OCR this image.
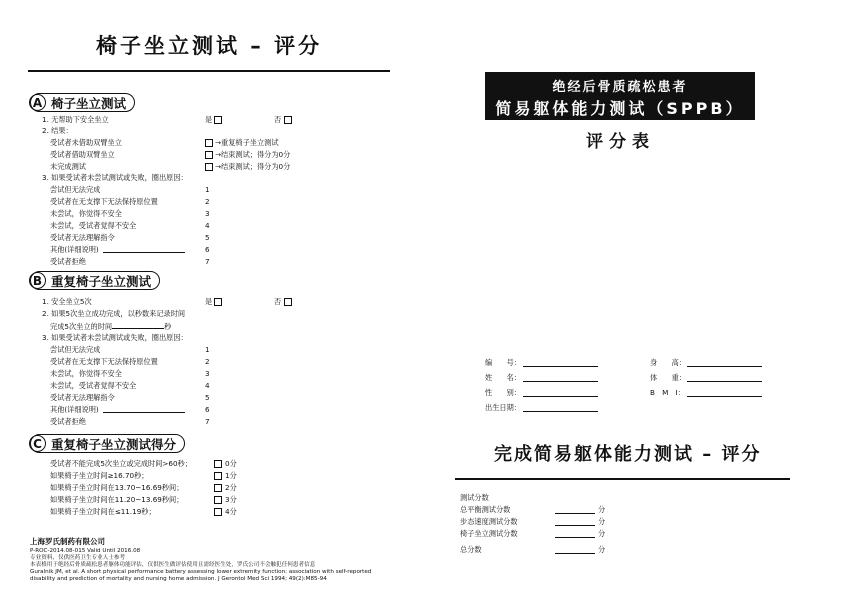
椅子坐立测试 – 评分
A 椅子坐立测试
1. 无帮助下安全坐立	是	否
2. 结果：
受试者未借助双臂坐立	→重复椅子坐立测试
受试者借助双臂坐立	→结束测试；得分为0分
未完成测试	→结束测试；得分为0分
3. 如果受试者未尝试测试或失败，圈出原因：
尝试但无法完成	1
受试者在无支撑下无法保持原位置	2
未尝试，你觉得不安全	3
未尝试，受试者觉得不安全	4
受试者无法理解指令	5
其他(详细说明)	6
受试者拒绝	7
B 重复椅子坐立测试
1. 安全坐立5次	是	否
2. 如果5次坐立成功完成，以秒数来记录时间
完成5次坐立的时间	秒
3. 如果受试者未尝试测试或失败，圈出原因：
尝试但无法完成	1
受试者在无支撑下无法保持原位置	2
未尝试，你觉得不安全	3
未尝试，受试者觉得不安全	4
受试者无法理解指令	5
其他(详细说明)	6
受试者拒绝	7
C 重复椅子坐立测试得分
受试者不能完成5次坐立或完成时间>60秒；	0分
如果椅子坐立时间≥16.70秒；	1分
如果椅子坐立时间在13.70~16.69秒间；	2分
如果椅子坐立时间在11.20~13.69秒间；	3分
如果椅子坐立时间在≤11.19秒；	4分
上海罗氏制药有限公司
P-ROC-2014.08-015 Valid Until 2016.08
专业资料，仅供医药卫生专业人士参考
本表格用于绝经后骨质疏松患者躯体功能评估，仅供医生做评估使用且需经医生处，罗氏公司不会触犯任何患者信息
Guralnik JM, et al. A short physical performance battery assessing lower extremity function: association with self-reported
disability and prediction of mortality and nursing home admission. J Gerontol Med Sci 1994; 49(2):M85-94
绝经后骨质疏松患者
简易躯体能力测试（SPPB）
评分表
编　　号：
姓　　名：
性　　别：
出生日期：
身　　高：
体　　重：
B　M　I：
完成简易躯体能力测试 – 评分
测试分数
总平衡测试分数	分
步态速度测试分数	分
椅子坐立测试分数	分
总分数	分
